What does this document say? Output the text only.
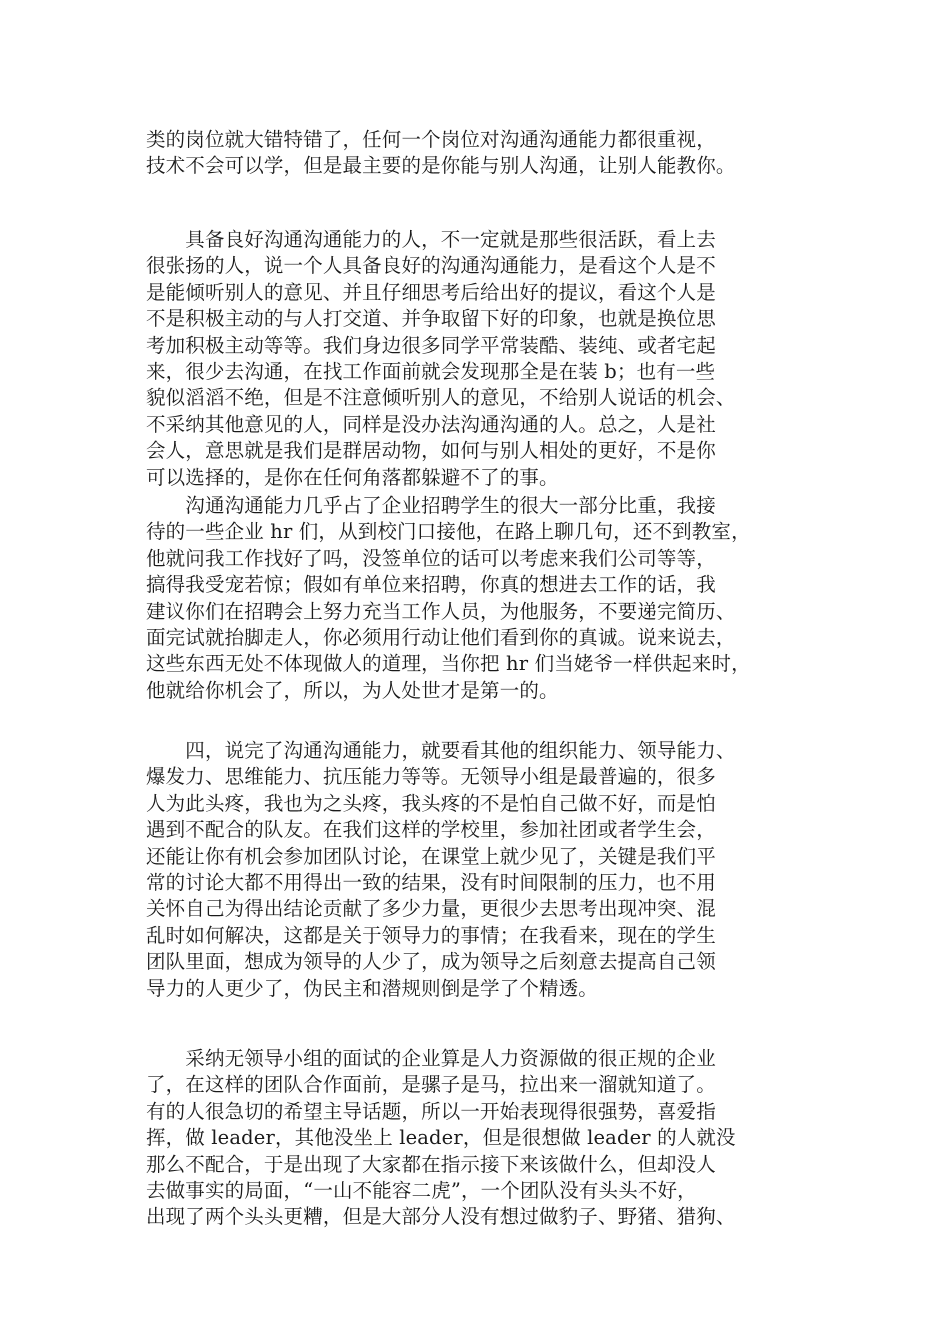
类的岗位就大错特错了，任何一个岗位对沟通沟通能力都很重视，
技术不会可以学，但是最主要的是你能与别人沟通，让别人能教你。

　　具备良好沟通沟通能力的人，不一定就是那些很活跃，看上去
很张扬的人，说一个人具备良好的沟通沟通能力，是看这个人是不
是能倾听别人的意见、并且仔细思考后给出好的提议，看这个人是
不是积极主动的与人打交道、并争取留下好的印象，也就是换位思
考加积极主动等等。我们身边很多同学平常装酷、装纯、或者宅起
来，很少去沟通，在找工作面前就会发现那全是在装 b；也有一些
貌似滔滔不绝，但是不注意倾听别人的意见，不给别人说话的机会、
不采纳其他意见的人，同样是没办法沟通沟通的人。总之，人是社
会人，意思就是我们是群居动物，如何与别人相处的更好，不是你
可以选择的，是你在任何角落都躲避不了的事。

　　沟通沟通能力几乎占了企业招聘学生的很大一部分比重，我接
待的一些企业 hr 们，从到校门口接他，在路上聊几句，还不到教室，
他就问我工作找好了吗，没签单位的话可以考虑来我们公司等等，
搞得我受宠若惊；假如有单位来招聘，你真的想进去工作的话，我
建议你们在招聘会上努力充当工作人员，为他服务，不要递完简历、
面完试就抬脚走人，你必须用行动让他们看到你的真诚。说来说去，
这些东西无处不体现做人的道理，当你把 hr 们当姥爷一样供起来时，
他就给你机会了，所以，为人处世才是第一的。

　　四，说完了沟通沟通能力，就要看其他的组织能力、领导能力、
爆发力、思维能力、抗压能力等等。无领导小组是最普遍的，很多
人为此头疼，我也为之头疼，我头疼的不是怕自己做不好，而是怕
遇到不配合的队友。在我们这样的学校里，参加社团或者学生会，
还能让你有机会参加团队讨论，在课堂上就少见了，关键是我们平
常的讨论大都不用得出一致的结果，没有时间限制的压力，也不用
关怀自己为得出结论贡献了多少力量，更很少去思考出现冲突、混
乱时如何解决，这都是关于领导力的事情；在我看来，现在的学生
团队里面，想成为领导的人少了，成为领导之后刻意去提高自己领
导力的人更少了，伪民主和潜规则倒是学了个精透。

　　采纳无领导小组的面试的企业算是人力资源做的很正规的企业
了，在这样的团队合作面前，是骡子是马，拉出来一溜就知道了。
有的人很急切的希望主导话题，所以一开始表现得很强势，喜爱指
挥，做 leader，其他没坐上 leader，但是很想做 leader 的人就没
那么不配合，于是出现了大家都在指示接下来该做什么，但却没人
去做事实的局面，“一山不能容二虎”，一个团队没有头头不好，
出现了两个头头更糟，但是大部分人没有想过做豹子、野猪、猎狗、
